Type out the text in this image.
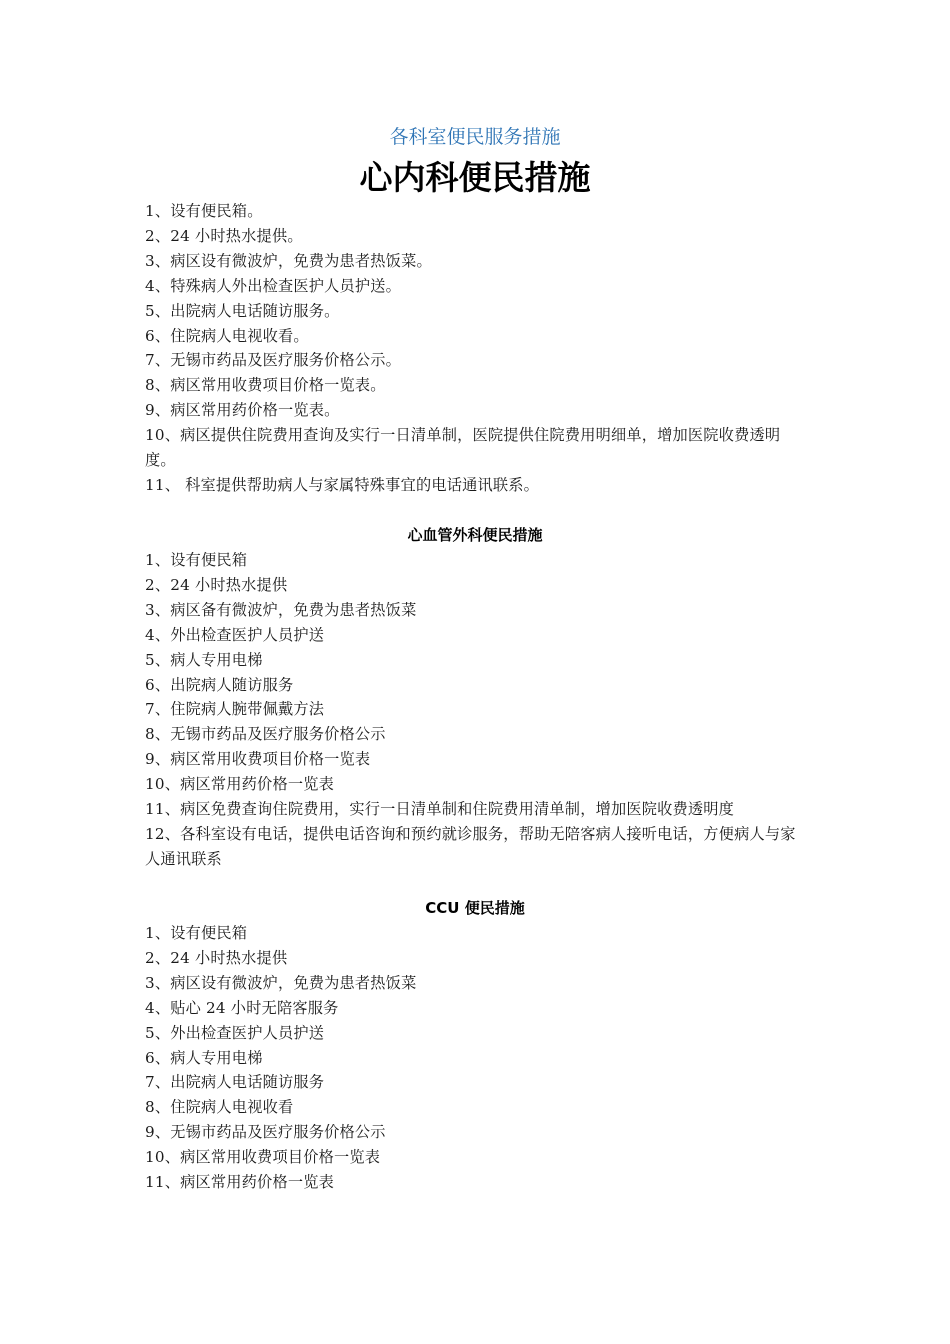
各科室便民服务措施
心内科便民措施
1、设有便民箱。
2、24 小时热水提供。
3、病区设有微波炉，免费为患者热饭菜。
4、特殊病人外出检查医护人员护送。
5、出院病人电话随访服务。
6、住院病人电视收看。
7、无锡市药品及医疗服务价格公示。
8、病区常用收费项目价格一览表。
9、病区常用药价格一览表。
10、病区提供住院费用查询及实行一日清单制，医院提供住院费用明细单，增加医院收费透明度。
11、 科室提供帮助病人与家属特殊事宜的电话通讯联系。
心血管外科便民措施
1、设有便民箱
2、24 小时热水提供
3、病区备有微波炉，免费为患者热饭菜
4、外出检查医护人员护送
5、病人专用电梯
6、出院病人随访服务
7、住院病人腕带佩戴方法
8、无锡市药品及医疗服务价格公示
9、病区常用收费项目价格一览表
10、病区常用药价格一览表
11、病区免费查询住院费用，实行一日清单制和住院费用清单制，增加医院收费透明度
12、各科室设有电话，提供电话咨询和预约就诊服务，帮助无陪客病人接听电话，方便病人与家人通讯联系
CCU 便民措施
1、设有便民箱
2、24 小时热水提供
3、病区设有微波炉，免费为患者热饭菜
4、贴心 24 小时无陪客服务
5、外出检查医护人员护送
6、病人专用电梯
7、出院病人电话随访服务
8、住院病人电视收看
9、无锡市药品及医疗服务价格公示
10、病区常用收费项目价格一览表
11、病区常用药价格一览表
